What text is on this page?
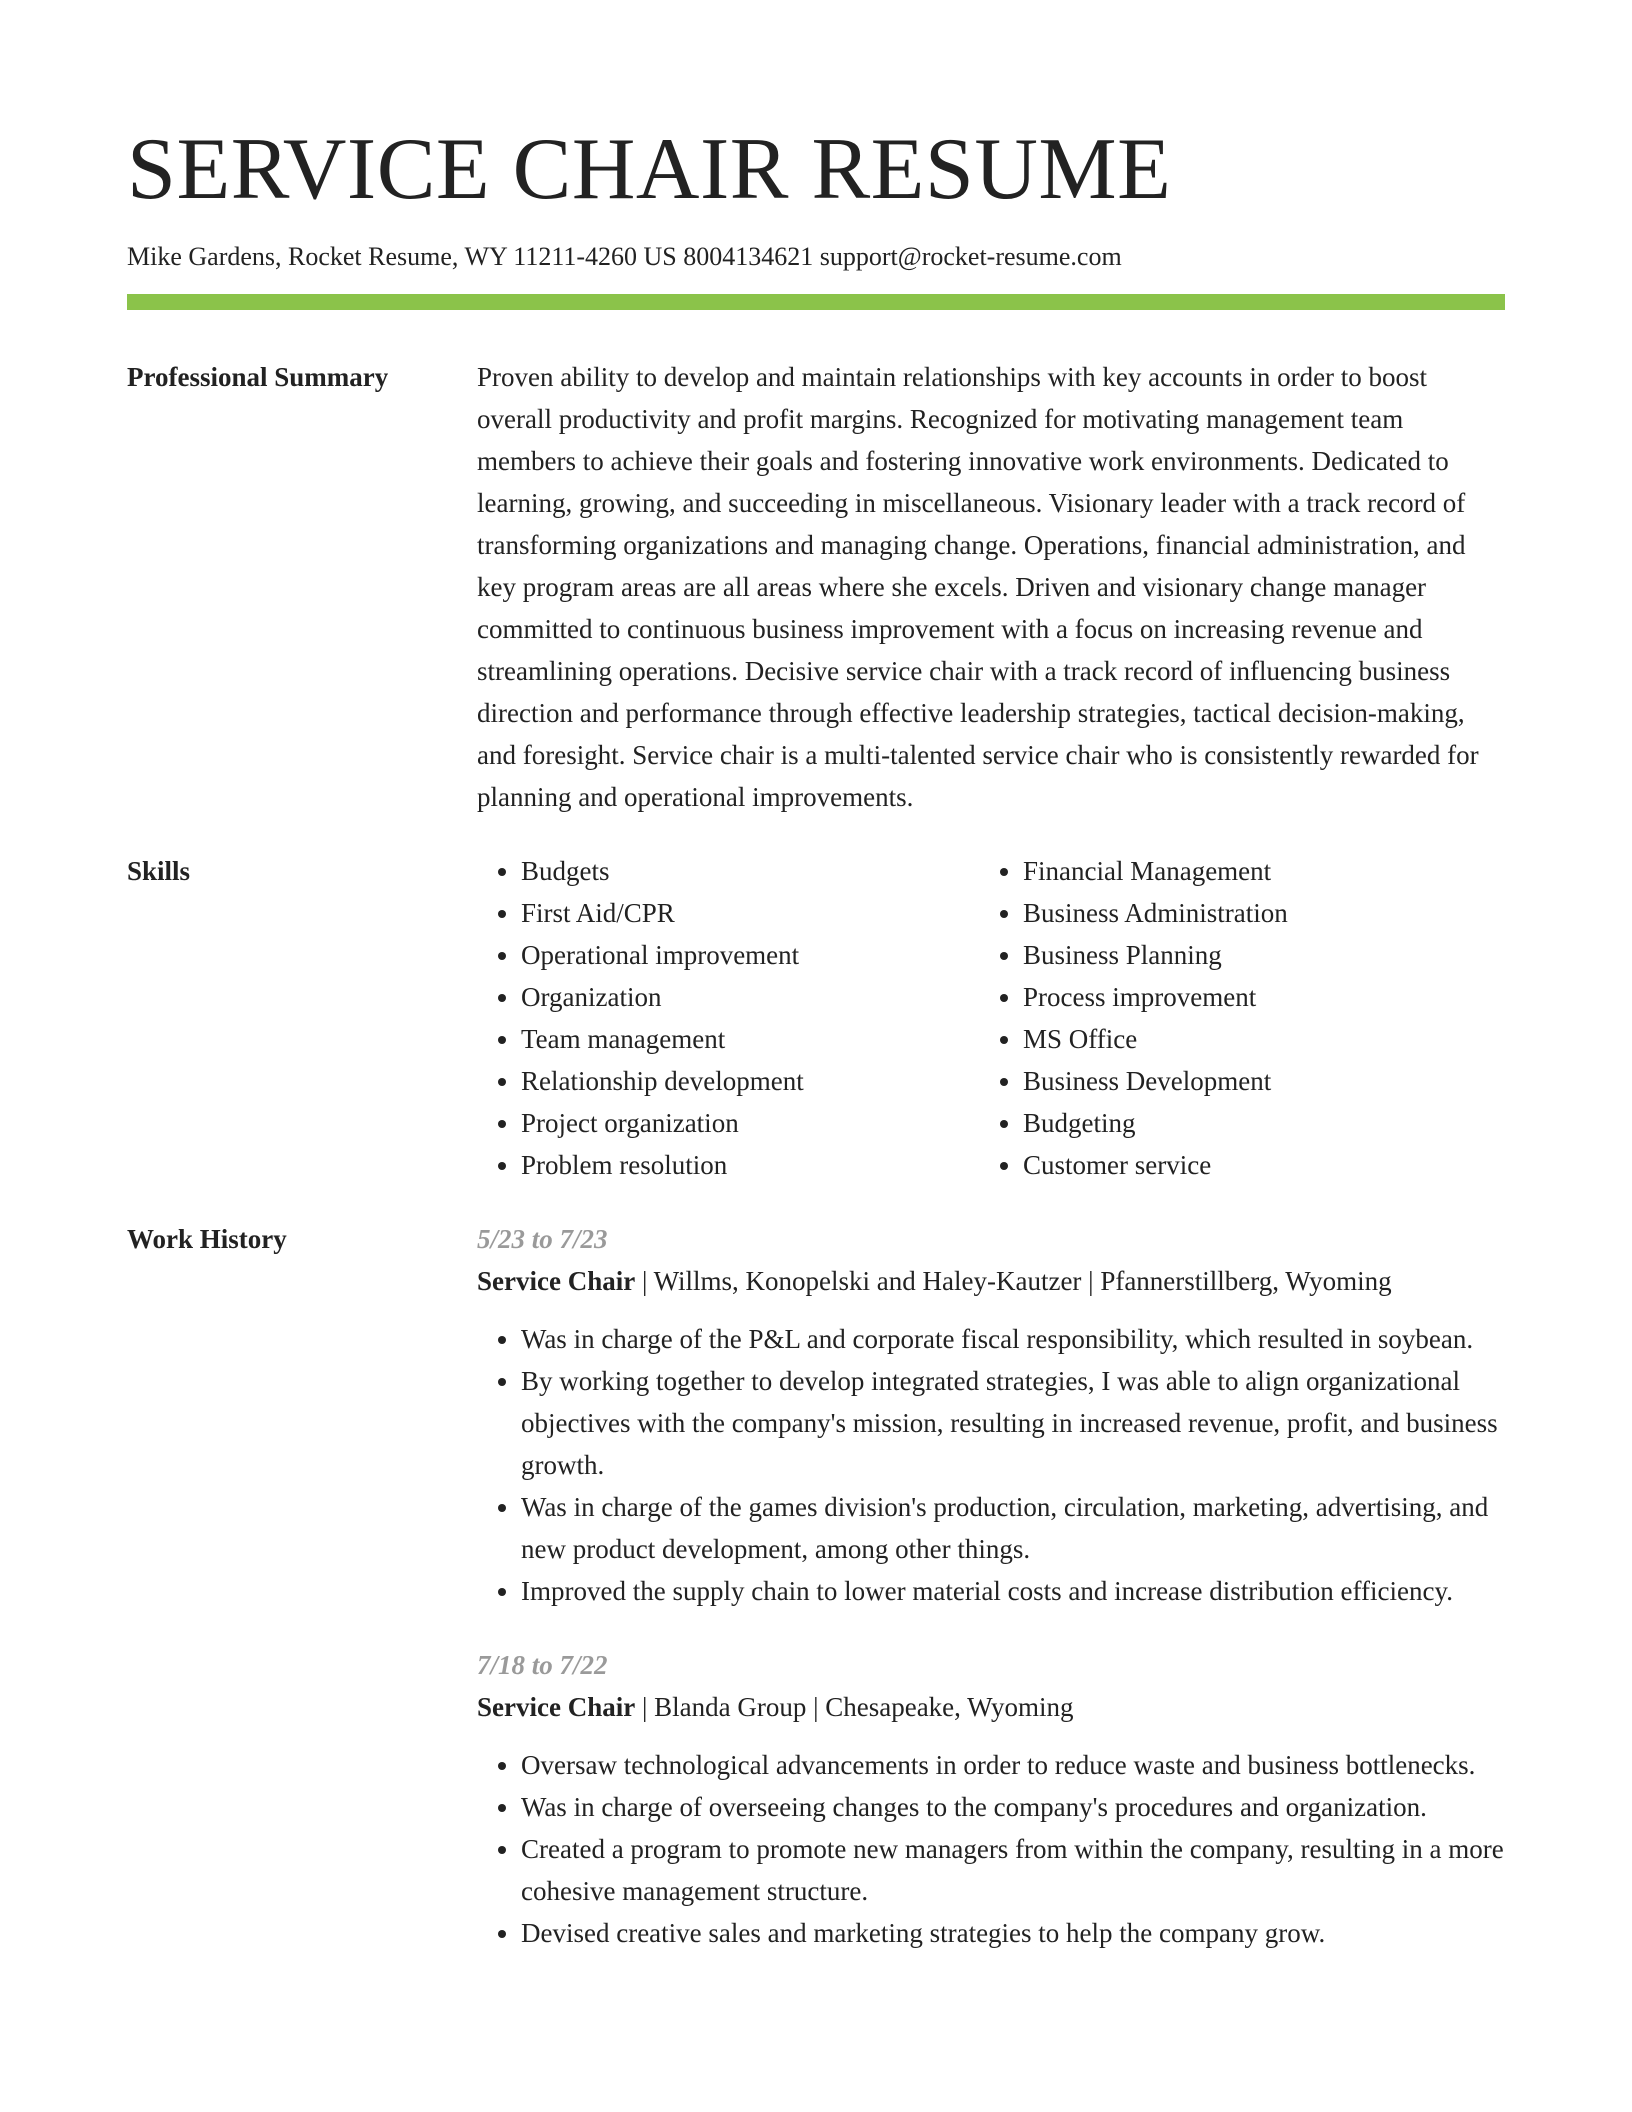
SERVICE CHAIR RESUME
Mike Gardens, Rocket Resume, WY 11211-4260 US 8004134621 support@rocket-resume.com
Professional Summary	Proven ability to develop and maintain relationships with key accounts in order to boost overall productivity and profit margins. Recognized for motivating management team members to achieve their goals and fostering innovative work environments. Dedicated to learning, growing, and succeeding in miscellaneous. Visionary leader with a track record of transforming organizations and managing change. Operations, financial administration, and key program areas are all areas where she excels. Driven and visionary change manager committed to continuous business improvement with a focus on increasing revenue and streamlining operations. Decisive service chair with a track record of influencing business direction and performance through effective leadership strategies, tactical decision-making, and foresight. Service chair is a multi-talented service chair who is consistently rewarded for planning and operational improvements.
Skills
•	Budgets
• First Aid/CPR
• Operational improvement
• Organization
• Team management
• Relationship development
• Project organization
• Problem resolution
• Financial Management
• Business Administration
• Business Planning
• Process improvement
• MS Office
• Business Development
• Budgeting
• Customer service
Work History	5/23 to 7/23
Service Chair | Willms, Konopelski and Haley-Kautzer | Pfannerstillberg, Wyoming
• Was in charge of the P&L and corporate fiscal responsibility, which resulted in soybean.
• By working together to develop integrated strategies, I was able to align organizational objectives with the company's mission, resulting in increased revenue, profit, and business growth.
• Was in charge of the games division's production, circulation, marketing, advertising, and new product development, among other things.
• Improved the supply chain to lower material costs and increase distribution efficiency.
7/18 to 7/22
Service Chair | Blanda Group | Chesapeake, Wyoming
• Oversaw technological advancements in order to reduce waste and business bottlenecks.
• Was in charge of overseeing changes to the company's procedures and organization.
• Created a program to promote new managers from within the company, resulting in a more cohesive management structure.
• Devised creative sales and marketing strategies to help the company grow.
